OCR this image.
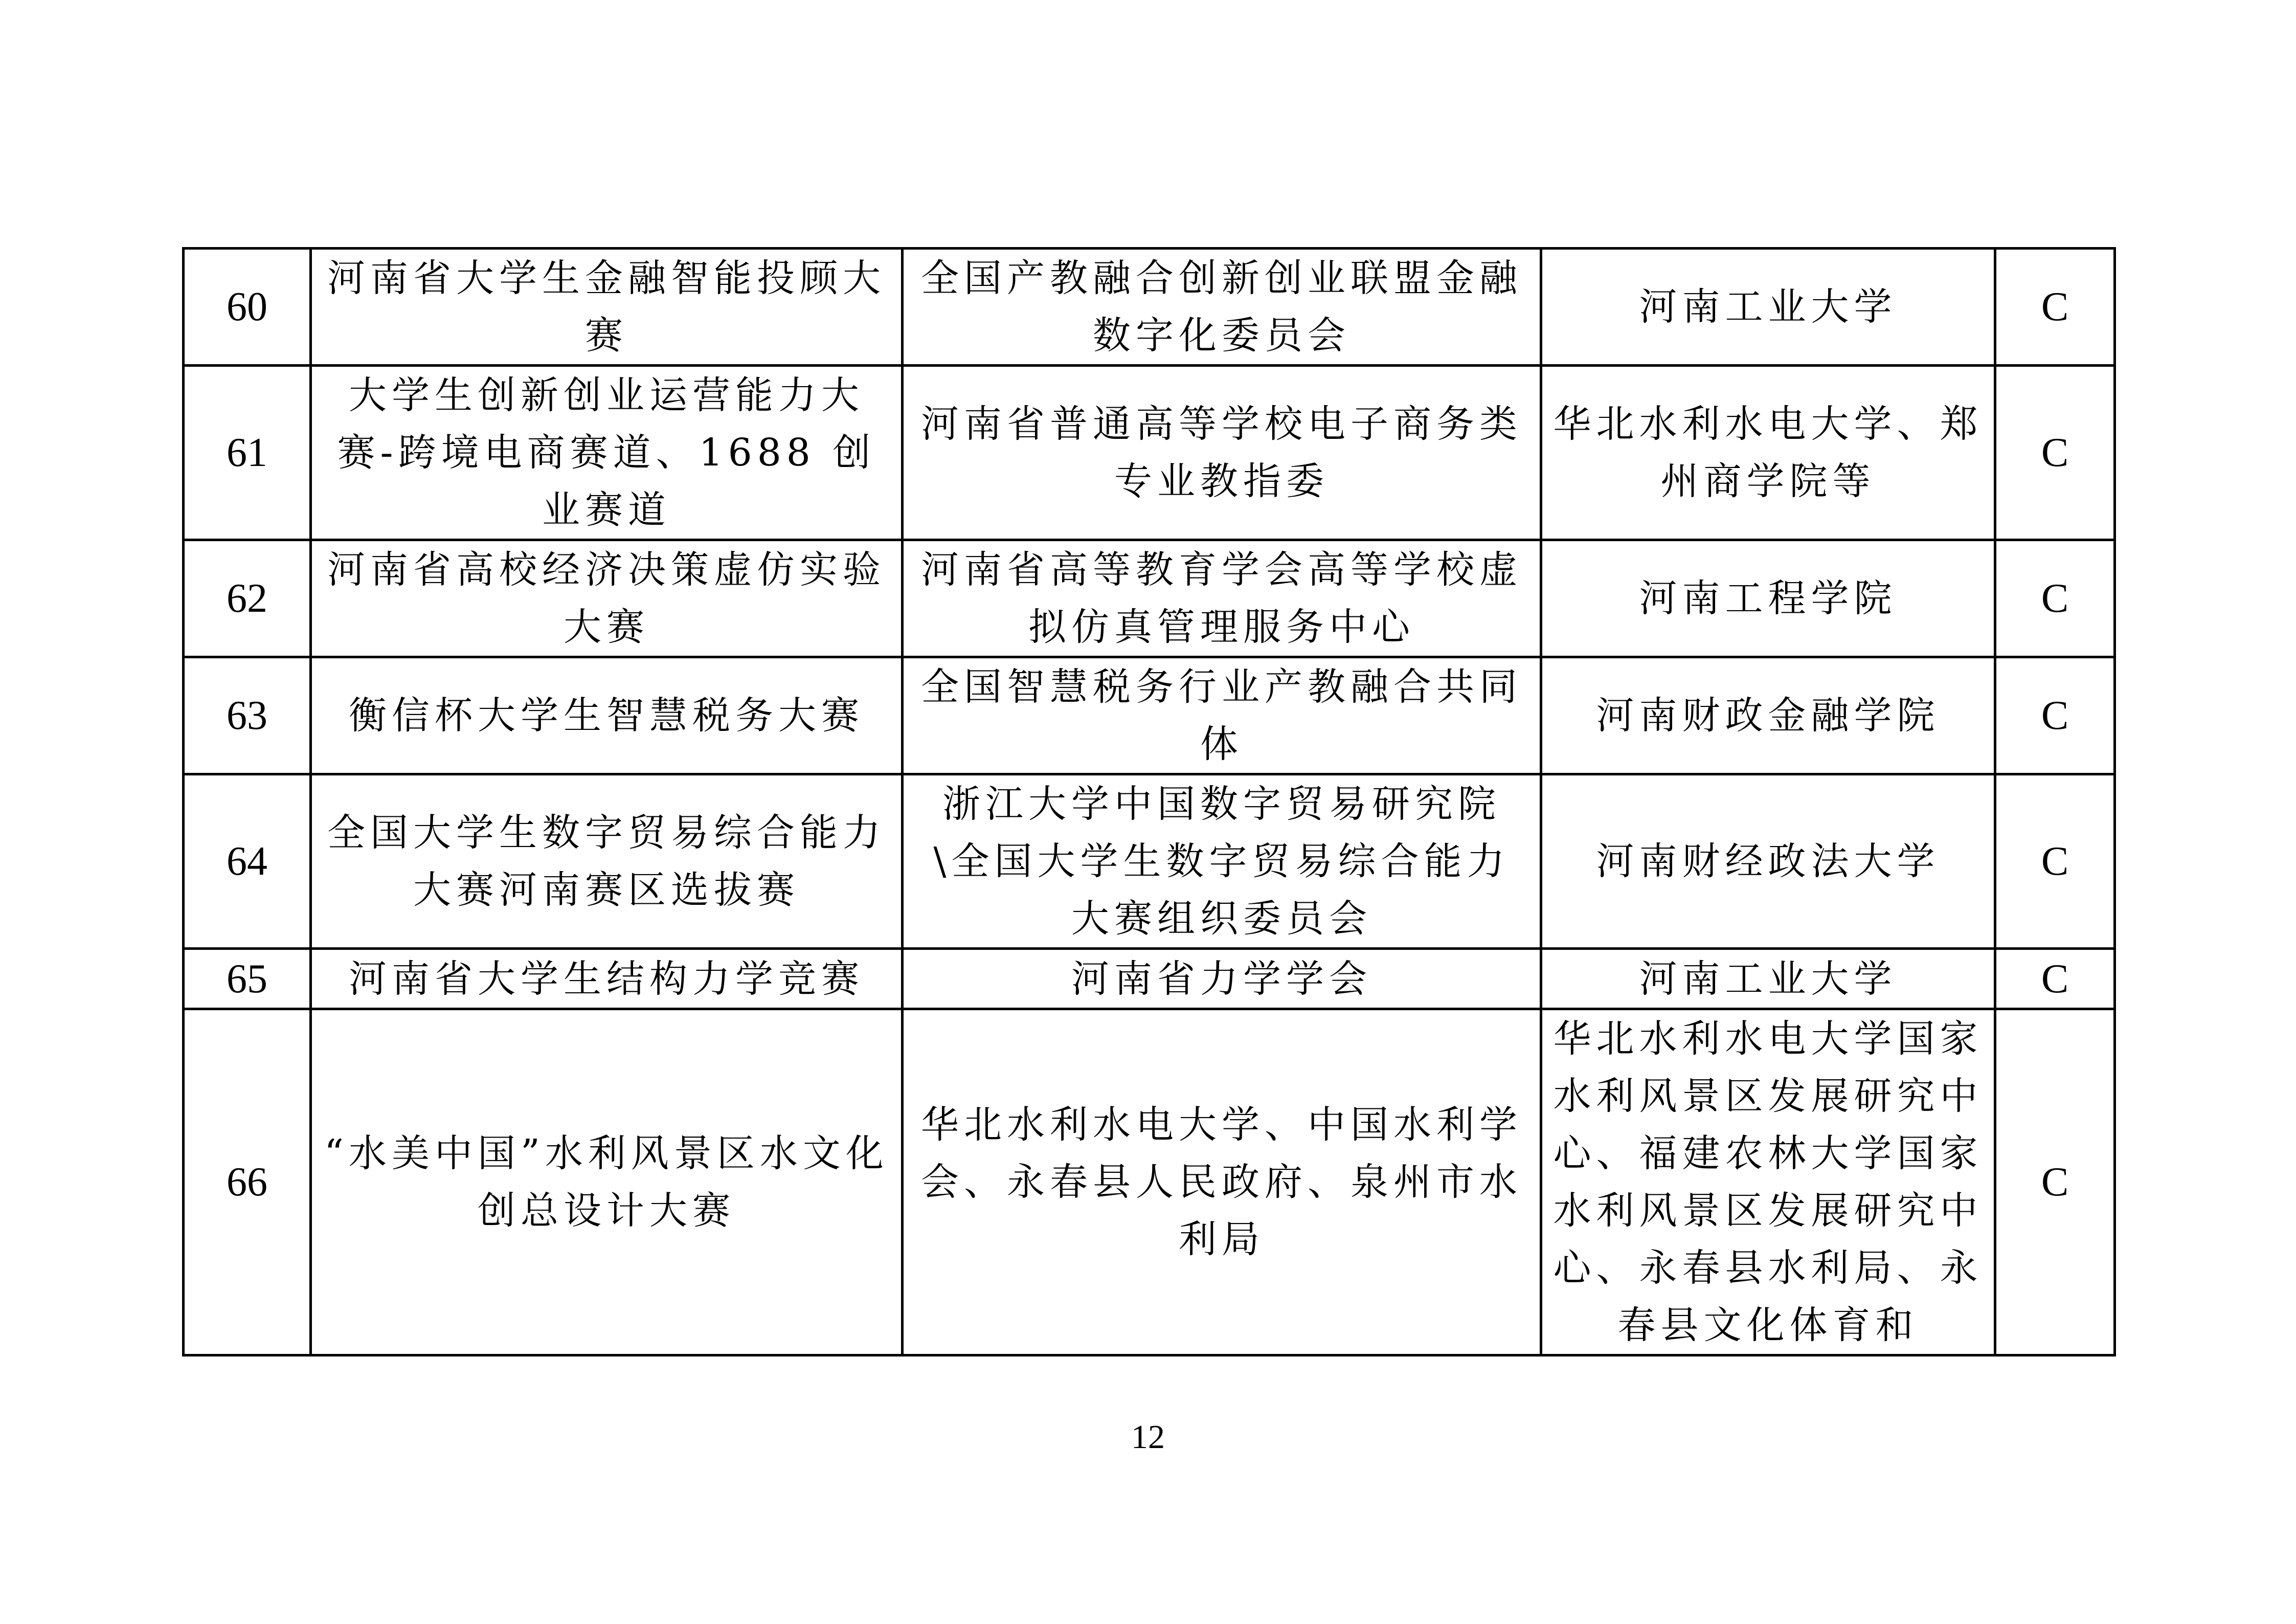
60	河南省大学生金融智能投顾大赛	全国产教融合创新创业联盟金融数字化委员会	河南工业大学	C
61	大学生创新创业运营能力大赛-跨境电商赛道、1688 创业赛道	河南省普通高等学校电子商务类专业教指委	华北水利水电大学、郑州商学院等	C
62	河南省高校经济决策虚仿实验大赛	河南省高等教育学会高等学校虚拟仿真管理服务中心	河南工程学院	C
63	衡信杯大学生智慧税务大赛	全国智慧税务行业产教融合共同体	河南财政金融学院	C
64	全国大学生数字贸易综合能力大赛河南赛区选拔赛	浙江大学中国数字贸易研究院\全国大学生数字贸易综合能力大赛组织委员会	河南财经政法大学	C
65	河南省大学生结构力学竞赛	河南省力学学会	河南工业大学	C
66	“水美中国”水利风景区水文化创总设计大赛	华北水利水电大学、中国水利学会、永春县人民政府、泉州市水利局	华北水利水电大学国家水利风景区发展研究中心、福建农林大学国家水利风景区发展研究中心、永春县水利局、永春县文化体育和	C
12
